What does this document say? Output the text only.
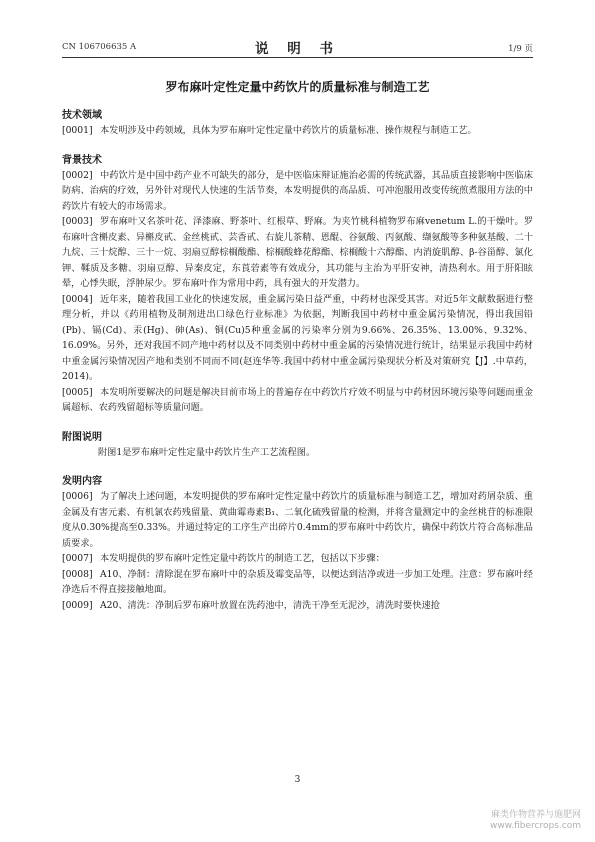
CN 106706635 A	说 明 书	1/9 页
罗布麻叶定性定量中药饮片的质量标准与制造工艺
技术领域

[0001] 本发明涉及中药领域，具体为罗布麻叶定性定量中药饮片的质量标准、操作规程与制造工艺。

背景技术

[0002] 中药饮片是中国中药产业不可缺失的部分，是中医临床辩证施治必需的传统武器，其品质直接影响中医临床防病、治病的疗效，另外针对现代人快速的生活节奏，本发明提供的高品质、可冲泡服用改变传统煎煮服用方法的中药饮片有较大的市场需求。

[0003] 罗布麻叶又名茶叶花、泽漆麻、野茶叶、红根草、野麻。为夹竹桃科植物罗布麻venetum L.的干燥叶。罗布麻叶含槲皮素、异槲皮甙、金丝桃甙、芸香甙、右旋儿茶精、恩醌、谷氨酸、丙氨酸、缬氨酸等多种氨基酸、二十九烷、三十烷醇、三十一烷、羽扇豆醇棕榈酸酯、棕榈酸蜂花醇酯、棕榈酸十六醇酯、内消旋肌醇、β-谷甾醇、氯化钾、鞣质及多糖、羽扇豆醇、异秦皮定，东莨菪素等有效成分，其功能与主治为平肝安神，清热利水。用于肝阳眩晕，心悸失眠，浮肿尿少。罗布麻叶作为常用中药，具有强大的开发潜力。

[0004] 近年来，随着我国工业化的快速发展，重金属污染日益严重，中药材也深受其害。对近5年文献数据进行整理分析，并以《药用植物及制剂进出口绿色行业标准》为依据，判断我国中药材中重金属污染情况，得出我国铅(Pb)、镉(Cd)、汞(Hg)、砷(As)、铜(Cu)5种重金属的污染率分别为9.66%、26.35%、13.00%、9.32%、16.09%。另外，还对我国不同产地中药材以及不同类别中药材中重金属的污染情况进行统计，结果显示我国中药材中重金属污染情况因产地和类别不同而不同(赵连华等.我国中药材中重金属污染现状分析及对策研究【J】.中草药，2014)。

[0005] 本发明所要解决的问题是解决目前市场上的普遍存在中药饮片疗效不明显与中药材因环境污染等问题而重金属超标、农药残留超标等质量问题。

附图说明

附图1是罗布麻叶定性定量中药饮片生产工艺流程图。

发明内容

[0006] 为了解决上述问题，本发明提供的罗布麻叶定性定量中药饮片的质量标准与制造工艺，增加对药屑杂质、重金属及有害元素、有机氯农药残留量、黄曲霉毒素B₁、二氧化硫残留量的检测，并将含量测定中的金丝桃苷的标准限度从0.30%提高至0.33%。并通过特定的工序生产出碎片0.4mm的罗布麻叶中药饮片，确保中药饮片符合高标准品质要求。

[0007] 本发明提供的罗布麻叶定性定量中药饮片的制造工艺，包括以下步骤：

[0008] A10、净制：清除混在罗布麻叶中的杂质及霉变品等，以便达到洁净或进一步加工处理。注意：罗布麻叶经净选后不得直接接触地面。

[0009] A20、清洗：净制后罗布麻叶放置在洗药池中，清洗干净至无泥沙，清洗时要快速抢

3
麻类作物营养与施肥网
www.fibercrops.com
